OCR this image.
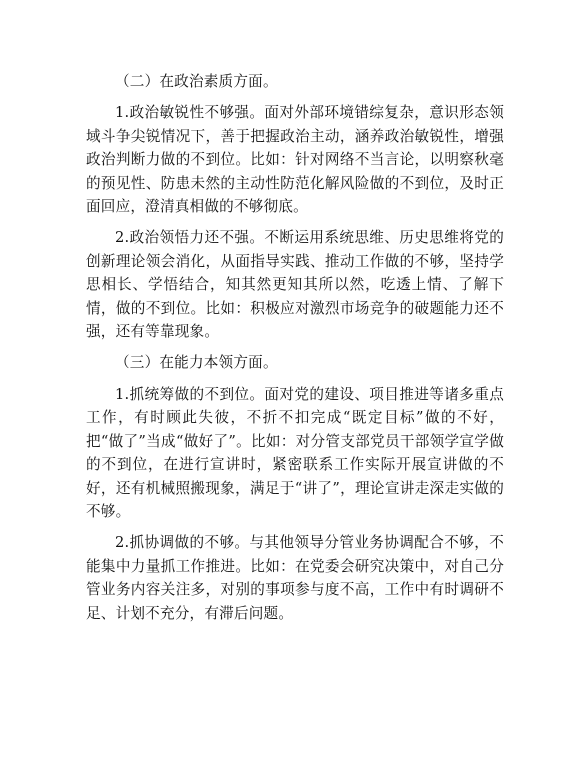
（二）在政治素质方面。

1.政治敏锐性不够强。面对外部环境错综复杂，意识形态领域斗争尖锐情况下，善于把握政治主动，涵养政治敏锐性，增强政治判断力做的不到位。比如：针对网络不当言论，以明察秋毫的预见性、防患未然的主动性防范化解风险做的不到位，及时正面回应，澄清真相做的不够彻底。

2.政治领悟力还不强。不断运用系统思维、历史思维将党的创新理论领会消化，从面指导实践、推动工作做的不够，坚持学思相长、学悟结合，知其然更知其所以然，吃透上情、了解下情，做的不到位。比如：积极应对激烈市场竞争的破题能力还不强，还有等靠现象。

（三）在能力本领方面。

1.抓统筹做的不到位。面对党的建设、项目推进等诸多重点工作，有时顾此失彼，不折不扣完成“既定目标”做的不好，把“做了”当成“做好了”。比如：对分管支部党员干部领学宣学做的不到位，在进行宣讲时，紧密联系工作实际开展宣讲做的不好，还有机械照搬现象，满足于“讲了”，理论宣讲走深走实做的不够。

2.抓协调做的不够。与其他领导分管业务协调配合不够，不能集中力量抓工作推进。比如：在党委会研究决策中，对自己分管业务内容关注多，对别的事项参与度不高，工作中有时调研不足、计划不充分，有滞后问题。
